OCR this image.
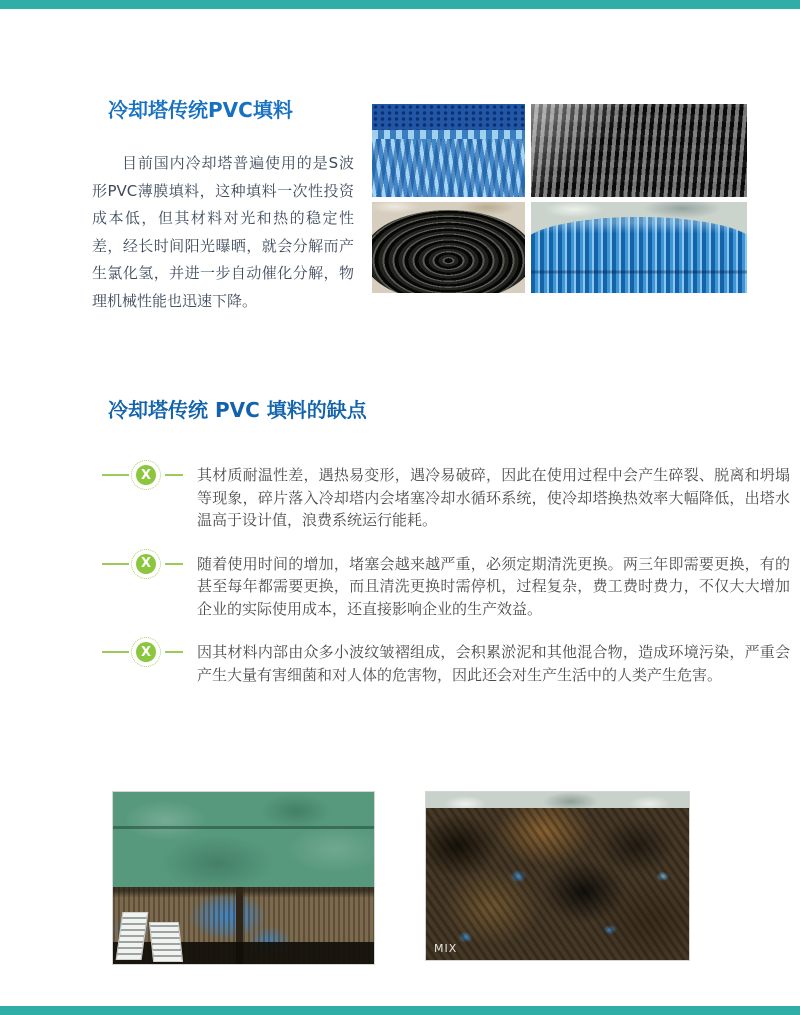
冷却塔传统PVC填料

目前国内冷却塔普遍使用的是S波形PVC薄膜填料，这种填料一次性投资成本低，但其材料对光和热的稳定性差，经长时间阳光曝晒，就会分解而产生氯化氢，并进一步自动催化分解，物理机械性能也迅速下降。

冷却塔传统 PVC 填料的缺点
X	其材质耐温性差，遇热易变形，遇冷易破碎，因此在使用过程中会产生碎裂、脱离和坍塌等现象，碎片落入冷却塔内会堵塞冷却水循环系统，使冷却塔换热效率大幅降低，出塔水温高于设计值，浪费系统运行能耗。

X	随着使用时间的增加，堵塞会越来越严重，必须定期清洗更换。两三年即需要更换，有的甚至每年都需要更换，而且清洗更换时需停机，过程复杂，费工费时费力，不仅大大增加企业的实际使用成本，还直接影响企业的生产效益。

X	因其材料内部由众多小波纹皱褶组成，会积累淤泥和其他混合物，造成环境污染，严重会产生大量有害细菌和对人体的危害物，因此还会对生产生活中的人类产生危害。

MIX
